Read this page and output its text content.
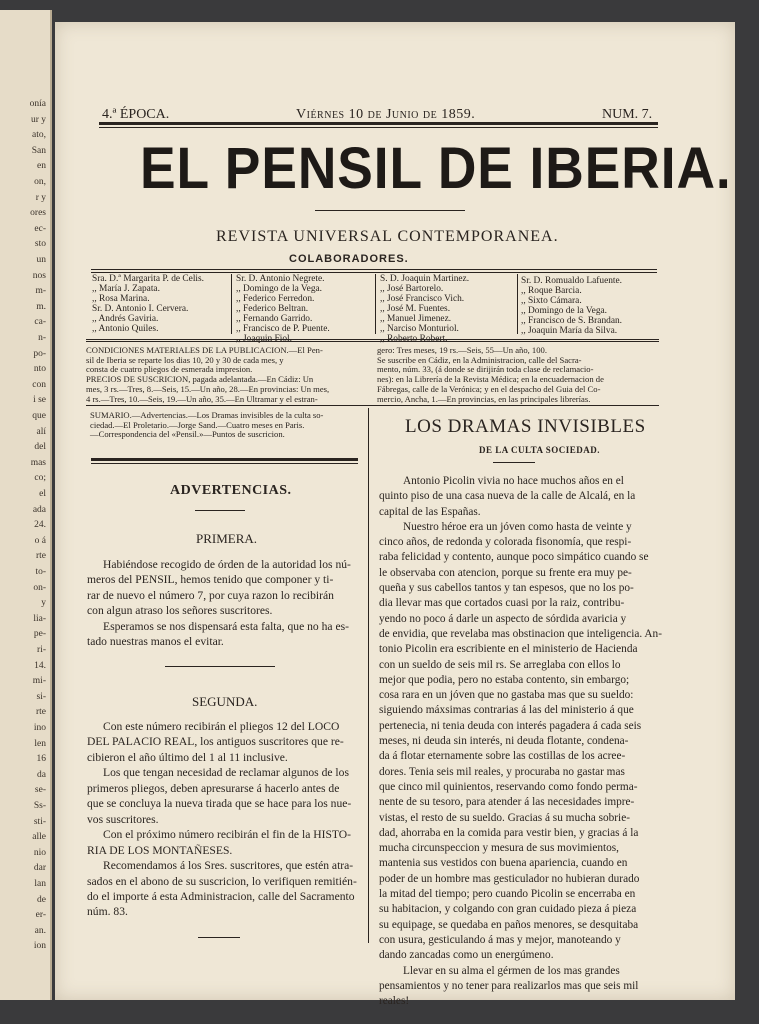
onía
ur y
ato,
San
en
on,
r y
ores
ec-
sto
un
nos
m-
m.
ca-
n-
po-
nto
con
i se
que
alí
del
mas
co;
el
ada
24.
o á
rte
to-
on-
y
lia-
pe-
ri-
14.
mi-
si-
rte
ino
len
16
da
se-
Ss-
sti-
alle
nio
dar
lan
de
er-
an.
ion
4.ª ÉPOCA.	Viérnes 10 de Junio de 1859.	NUM. 7.
EL PENSIL DE IBERIA.
REVISTA UNIVERSAL CONTEMPORANEA.
COLABORADORES.
Sra. D.ª Margarita P. de Celis.
,, María J. Zapata.
,, Rosa Marina.
Sr. D. Antonio I. Cervera.
,, Andrés Gaviria.
,, Antonio Quiles.
Sr. D. Antonio Negrete.
,, Domingo de la Vega.
,, Federico Ferredon.
,, Federico Beltran.
,, Fernando Garrido.
,, Francisco de P. Puente.
S. D. Joaquin Martinez.
,, José Bartorelo.
,, José Francisco Vich.
,, José M. Fuentes.
,, Manuel Jimenez.
,, Narciso Monturiol.
Sr. D. Romualdo Lafuente.
,, Roque Barcia.
,, Sixto Cámara.
,, Domingo de la Vega.
,, Francisco de S. Brandan.
,, Joaquin María da Silva.
CONDICIONES MATERIALES DE LA PUBLICACION.—El Pen-
sil de Iberia se reparte los dias 10, 20 y 30 de cada mes, y
consta de cuatro pliegos de esmerada impresion.
PRECIOS DE SUSCRICION, pagada adelantada.—En Cádiz: Un
mes, 3 rs.—Tres, 8.—Seis, 15.—Un año, 28.—En provincias: Un mes,
4 rs.—Tres, 10.—Seis, 19.—Un año, 35.—En Ultramar y el estran-
gero: Tres meses, 19 rs.—Seis, 55—Un año, 100.
Se suscribe en Cádiz, en la Administracion, calle del Sacra-
mento, núm. 33, (á donde se dirijirán toda clase de reclamacio-
nes): en la Librería de la Revista Médica; en la encuadernacion de
Fábregas, calle de la Verónica; y en el despacho del Guia del Co-
mercio, Ancha, 1.—En provincias, en las principales librerías.
SUMARIO.—Advertencias.—Los Dramas invisibles de la culta so-
ciedad.—El Proletario.—Jorge Sand.—Cuatro meses en Paris.
—Correspondencia del «Pensil.»—Puntos de suscricion.
ADVERTENCIAS.
PRIMERA.
Habiéndose recogido de órden de la autoridad los nú-
meros del PENSIL, hemos tenido que componer y ti-
rar de nuevo el número 7, por cuya razon lo recibirán
con algun atraso los señores suscritores.
Esperamos se nos dispensará esta falta, que no ha es-
tado nuestras manos el evitar.
SEGUNDA.
Con este número recibirán el pliegos 12 del LOCO
DEL PALACIO REAL, los antiguos suscritores que re-
cibieron el año último del 1 al 11 inclusive.
Los que tengan necesidad de reclamar algunos de los
primeros pliegos, deben apresurarse á hacerlo antes de
que se concluya la nueva tirada que se hace para los nue-
vos suscritores.
Con el próximo número recibirán el fin de la HISTO-
RIA DE LOS MONTAÑESES.
Recomendamos á los Sres. suscritores, que estén atra-
sados en el abono de su suscricion, lo verifiquen remitién-
do el importe á esta Administracion, calle del Sacramento
núm. 83.
LOS DRAMAS INVISIBLES
DE LA CULTA SOCIEDAD.
Antonio Picolin vivia no hace muchos años en el
quinto piso de una casa nueva de la calle de Alcalá, en la
capital de las Españas.
Nuestro héroe era un jóven como hasta de veinte y
cinco años, de redonda y colorada fisonomía, que respi-
raba felicidad y contento, aunque poco simpático cuando se
le observaba con atencion, porque su frente era muy pe-
queña y sus cabellos tantos y tan espesos, que no los po-
dia llevar mas que cortados cuasi por la raiz, contribu-
yendo no poco á darle un aspecto de sórdida avaricia y
de envidia, que revelaba mas obstinacion que inteligencia. An-
tonio Picolin era escribiente en el ministerio de Hacienda
con un sueldo de seis mil rs. Se arreglaba con ellos lo
mejor que podia, pero no estaba contento, sin embargo;
cosa rara en un jóven que no gastaba mas que su sueldo:
siguiendo máxsimas contrarias á las del ministerio á que
pertenecia, ni tenia deuda con interés pagadera á cada seis
meses, ni deuda sin interés, ni deuda flotante, condena-
da á flotar eternamente sobre las costillas de los acree-
dores. Tenia seis mil reales, y procuraba no gastar mas
que cinco mil quinientos, reservando como fondo perma-
nente de su tesoro, para atender á las necesidades impre-
vistas, el resto de su sueldo. Gracias á su mucha sobrie-
dad, ahorraba en la comida para vestir bien, y gracias á la
mucha circunspeccion y mesura de sus movimientos,
mantenia sus vestidos con buena apariencia, cuando en
poder de un hombre mas gesticulador no hubieran durado
la mitad del tiempo; pero cuando Picolin se encerraba en
su habitacion, y colgando con gran cuidado pieza á pieza
su equipage, se quedaba en paños menores, se desquitaba
con usura, gesticulando á mas y mejor, manoteando y
dando zancadas como un energúmeno.
Llevar en su alma el gérmen de los mas grandes
pensamientos y no tener para realizarlos mas que seis mil
reales!
